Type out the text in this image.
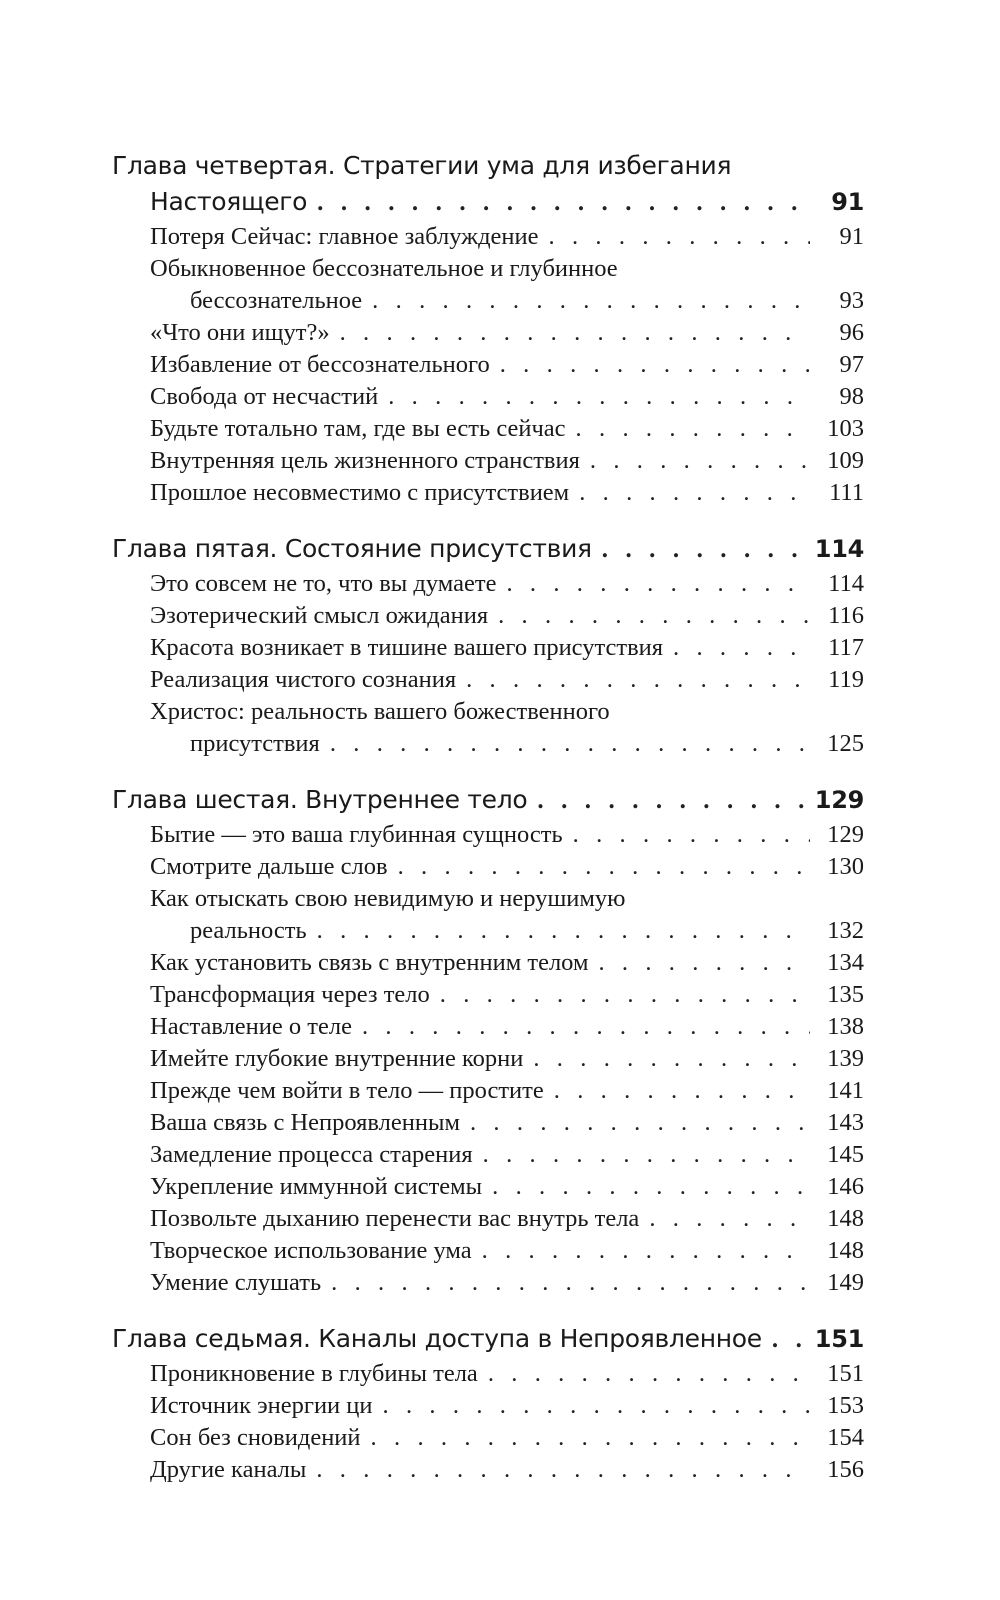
Глава четвертая. Стратегии ума для избегания
Настоящего . . .	91
Потеря Сейчас: главное заблуждение . . .	91
Обыкновенное бессознательное и глубинное
бессознательное . . .	93
«Что они ищут?» . . .	96
Избавление от бессознательного . . .	97
Свобода от несчастий . . .	98
Будьте тотально там, где вы есть сейчас . . .	103
Внутренняя цель жизненного странствия . . .	109
Прошлое несовместимо с присутствием . . .	111
Глава пятая. Состояние присутствия . . .	114
Это совсем не то, что вы думаете . . .	114
Эзотерический смысл ожидания . . .	116
Красота возникает в тишине вашего присутствия . . .	117
Реализация чистого сознания . . .	119
Христос: реальность вашего божественного
присутствия . . .	125
Глава шестая. Внутреннее тело . . .	129
Бытие — это ваша глубинная сущность . . .	129
Смотрите дальше слов . . .	130
Как отыскать свою невидимую и нерушимую
реальность . . .	132
Как установить связь с внутренним телом . . .	134
Трансформация через тело . . .	135
Наставление о теле . . .	138
Имейте глубокие внутренние корни . . .	139
Прежде чем войти в тело — простите . . .	141
Ваша связь с Непроявленным . . .	143
Замедление процесса старения . . .	145
Укрепление иммунной системы . . .	146
Позвольте дыханию перенести вас внутрь тела . . .	148
Творческое использование ума . . .	148
Умение слушать . . .	149
Глава седьмая. Каналы доступа в Непроявленное . . . 151
Проникновение в глубины тела . . .	151
Источник энергии ци . . .	153
Сон без сновидений . . .	154
Другие каналы . . .	156
